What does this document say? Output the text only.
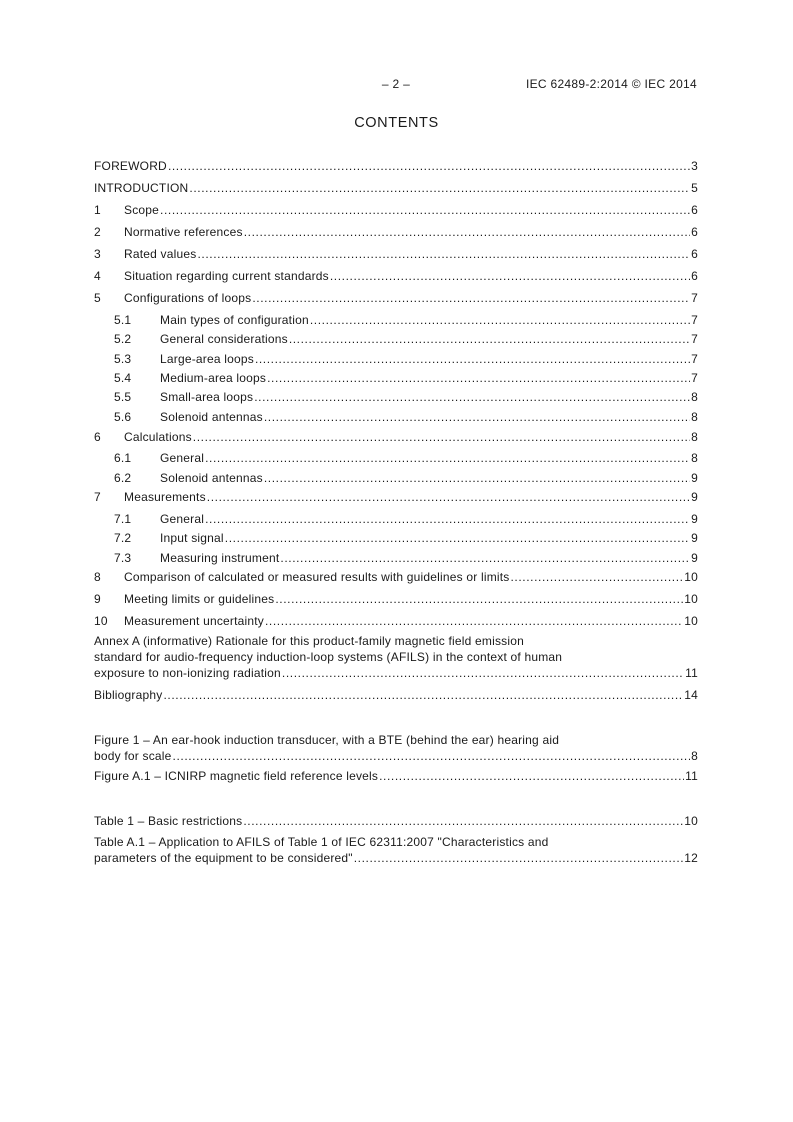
– 2 –	IEC 62489-2:2014 © IEC 2014
CONTENTS
FOREWORD .....	3
INTRODUCTION .....	5
1	Scope .....	6
2	Normative references .....	6
3	Rated values .....	6
4	Situation regarding current standards .....	6
5	Configurations of loops .....	7
5.1	Main types of configuration .....	7
5.2	General considerations .....	7
5.3	Large-area loops .....	7
5.4	Medium-area loops .....	7
5.5	Small-area loops .....	8
5.6	Solenoid antennas .....	8
6	Calculations .....	8
6.1	General .....	8
6.2	Solenoid antennas .....	9
7	Measurements .....	9
7.1	General .....	9
7.2	Input signal .....	9
7.3	Measuring instrument .....	9
8	Comparison of calculated or measured results with guidelines or limits .....	10
9	Meeting limits or guidelines .....	10
10	Measurement uncertainty .....	10
Annex A (informative) Rationale for this product-family magnetic field emission
standard for audio-frequency induction-loop systems (AFILS) in the context of human
exposure to non-ionizing radiation .....	11
Bibliography .....	14
Figure 1 – An ear-hook induction transducer, with a BTE (behind the ear) hearing aid
body for scale .....	8
Figure A.1 – ICNIRP magnetic field reference levels .....	11
Table 1 – Basic restrictions .....	10
Table A.1 – Application to AFILS of Table 1 of IEC 62311:2007 "Characteristics and
parameters of the equipment to be considered" .....	12
